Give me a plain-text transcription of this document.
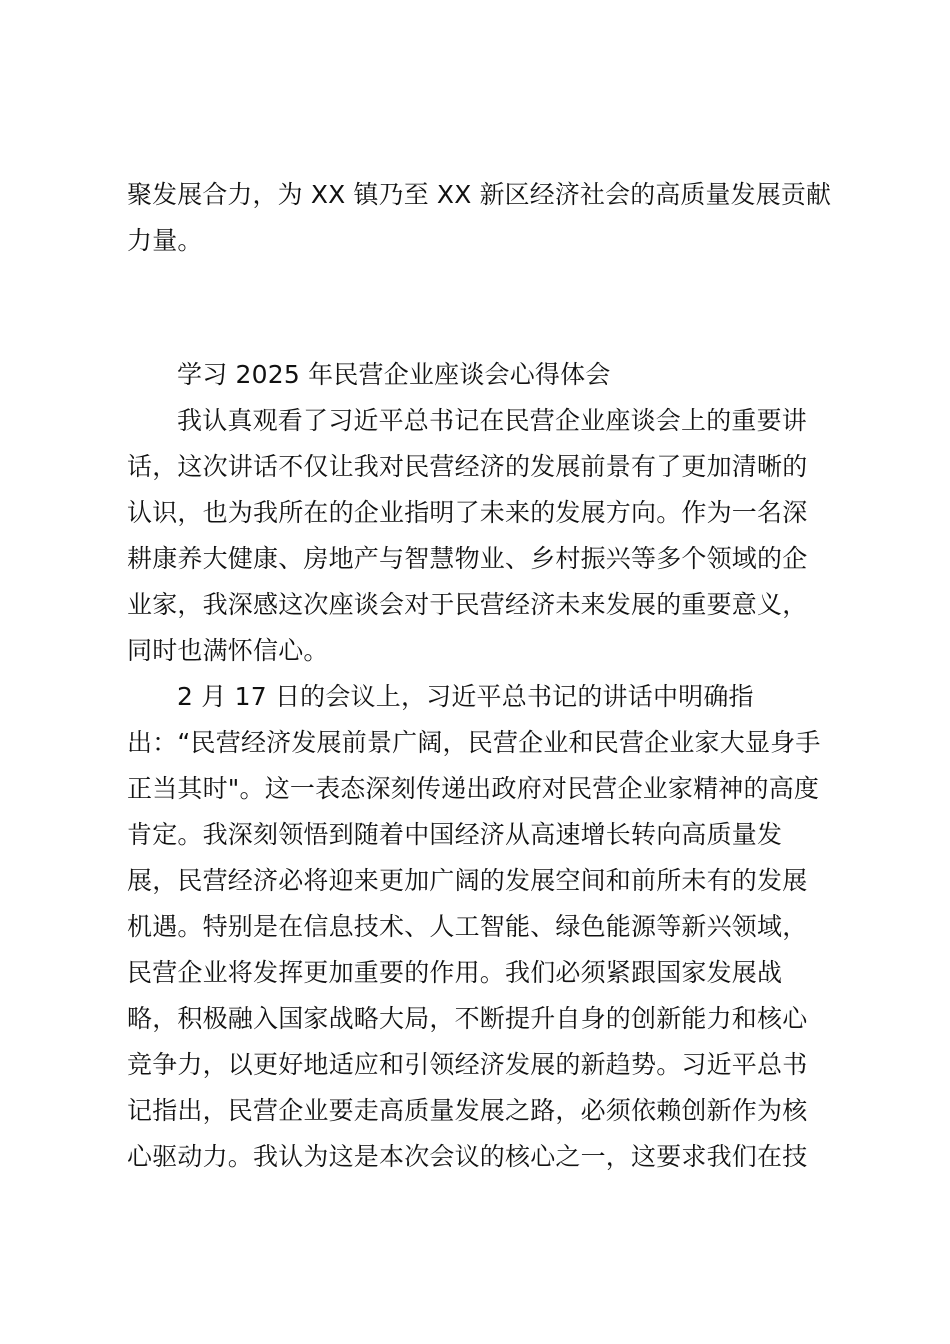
聚发展合力，为 XX 镇乃至 XX 新区经济社会的高质量发展贡献
力量。
学习 2025 年民营企业座谈会心得体会
我认真观看了习近平总书记在民营企业座谈会上的重要讲
话，这次讲话不仅让我对民营经济的发展前景有了更加清晰的
认识，也为我所在的企业指明了未来的发展方向。作为一名深
耕康养大健康、房地产与智慧物业、乡村振兴等多个领域的企
业家，我深感这次座谈会对于民营经济未来发展的重要意义，
同时也满怀信心。
2 月 17 日的会议上，习近平总书记的讲话中明确指
出：“民营经济发展前景广阔，民营企业和民营企业家大显身手
正当其时"。这一表态深刻传递出政府对民营企业家精神的高度
肯定。我深刻领悟到随着中国经济从高速增长转向高质量发
展，民营经济必将迎来更加广阔的发展空间和前所未有的发展
机遇。特别是在信息技术、人工智能、绿色能源等新兴领域，
民营企业将发挥更加重要的作用。我们必须紧跟国家发展战
略，积极融入国家战略大局，不断提升自身的创新能力和核心
竞争力，以更好地适应和引领经济发展的新趋势。习近平总书
记指出，民营企业要走高质量发展之路，必须依赖创新作为核
心驱动力。我认为这是本次会议的核心之一，这要求我们在技
